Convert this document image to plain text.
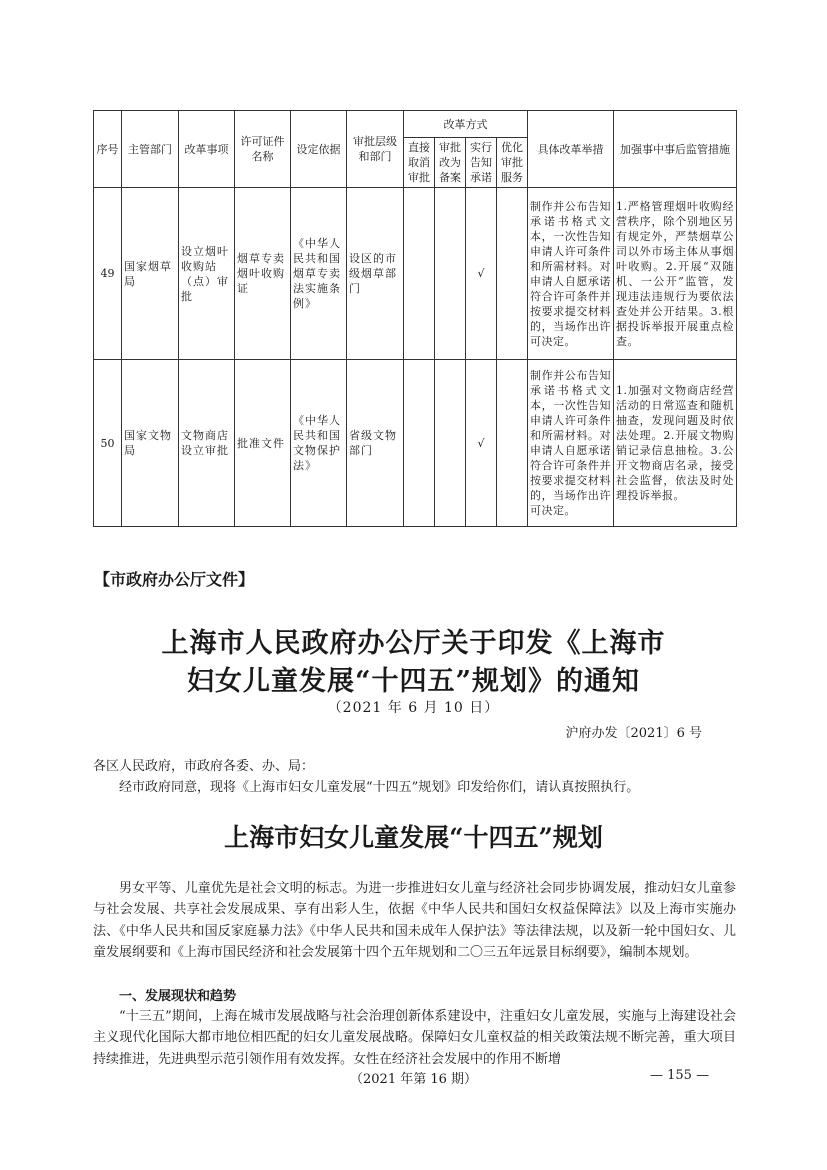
序号	主管部门	改革事项	许可证件名称	设定依据	审批层级和部门	改革方式				具体改革举措	加强事中事后监管措施
						直接取消审批	审批改为备案	实行告知承诺	优化审批服务		
49	国家烟草局	设立烟叶收购站（点）审批	烟草专卖烟叶收购证	《中华人民共和国烟草专卖法实施条例》	设区的市级烟草部门			√		制作并公布告知承诺书格式文本，一次性告知申请人许可条件和所需材料。对申请人自愿承诺符合许可条件并按要求提交材料的，当场作出许可决定。	1.严格管理烟叶收购经营秩序，除个别地区另有规定外，严禁烟草公司以外市场主体从事烟叶收购。2.开展“双随机、一公开”监管，发现违法违规行为要依法查处并公开结果。3.根据投诉举报开展重点检查。
50	国家文物局	文物商店设立审批	批准文件	《中华人民共和国文物保护法》	省级文物部门			√		制作并公布告知承诺书格式文本，一次性告知申请人许可条件和所需材料。对申请人自愿承诺符合许可条件并按要求提交材料的，当场作出许可决定。	1.加强对文物商店经营活动的日常巡查和随机抽查，发现问题及时依法处理。2.开展文物购销记录信息抽检。3.公开文物商店名录，接受社会监督，依法及时处理投诉举报。
【市政府办公厅文件】
上海市人民政府办公厅关于印发《上海市
妇女儿童发展“十四五”规划》的通知
（2021 年 6 月 10 日）
沪府办发〔2021〕6 号
各区人民政府，市政府各委、办、局：
经市政府同意，现将《上海市妇女儿童发展“十四五”规划》印发给你们，请认真按照执行。
上海市妇女儿童发展“十四五”规划
男女平等、儿童优先是社会文明的标志。为进一步推进妇女儿童与经济社会同步协调发展，推动妇女儿童参与社会发展、共享社会发展成果、享有出彩人生，依据《中华人民共和国妇女权益保障法》以及上海市实施办法、《中华人民共和国反家庭暴力法》《中华人民共和国未成年人保护法》等法律法规，以及新一轮中国妇女、儿童发展纲要和《上海市国民经济和社会发展第十四个五年规划和二〇三五年远景目标纲要》，编制本规划。
一、发展现状和趋势
“十三五”期间，上海在城市发展战略与社会治理创新体系建设中，注重妇女儿童发展，实施与上海建设社会主义现代化国际大都市地位相匹配的妇女儿童发展战略。保障妇女儿童权益的相关政策法规不断完善，重大项目持续推进，先进典型示范引领作用有效发挥。女性在经济社会发展中的作用不断增
（2021 年第 16 期）	— 155 —
